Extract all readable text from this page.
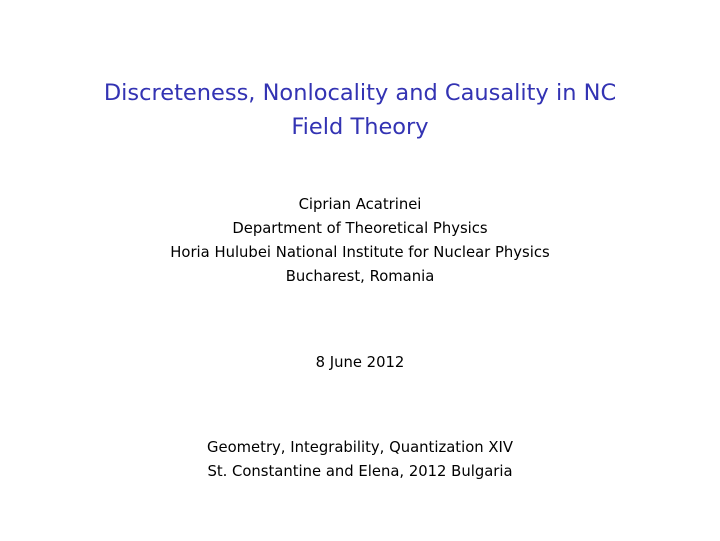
Discreteness, Nonlocality and Causality in NC
Field Theory
Ciprian Acatrinei
Department of Theoretical Physics
Horia Hulubei National Institute for Nuclear Physics
Bucharest, Romania
8 June 2012
Geometry, Integrability, Quantization XIV
St. Constantine and Elena, 2012 Bulgaria
